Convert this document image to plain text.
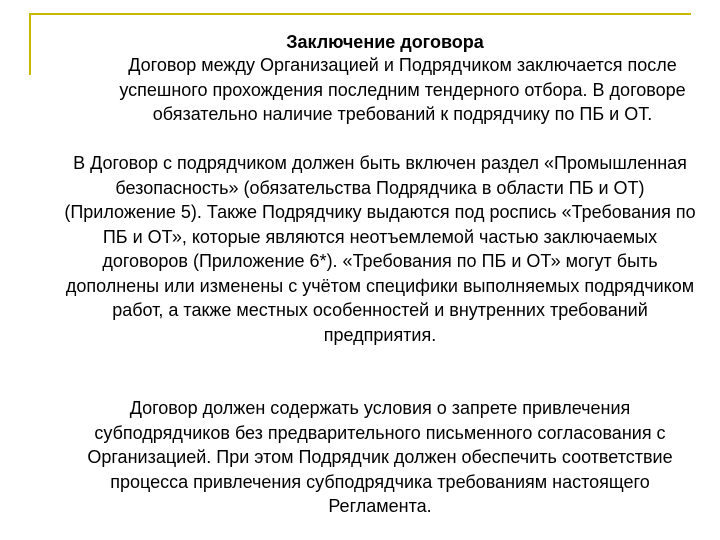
Заключение договора

Договор между Организацией и Подрядчиком заключается после успешного прохождения последним тендерного отбора. В договоре обязательно наличие требований к подрядчику по ПБ и ОТ.

В Договор с подрядчиком должен быть включен раздел «Промышленная безопасность» (обязательства Подрядчика в области ПБ и ОТ) (Приложение 5). Также Подрядчику выдаются под роспись «Требования по ПБ и ОТ», которые являются неотъемлемой частью заключаемых договоров (Приложение 6*). «Требования по ПБ и ОТ» могут быть дополнены или изменены с учётом специфики выполняемых подрядчиком работ, а также местных особенностей и внутренних требований предприятия.

Договор должен содержать условия о запрете привлечения субподрядчиков без предварительного письменного согласования с Организацией. При этом Подрядчик должен обеспечить соответствие процесса привлечения субподрядчика требованиям настоящего Регламента.
